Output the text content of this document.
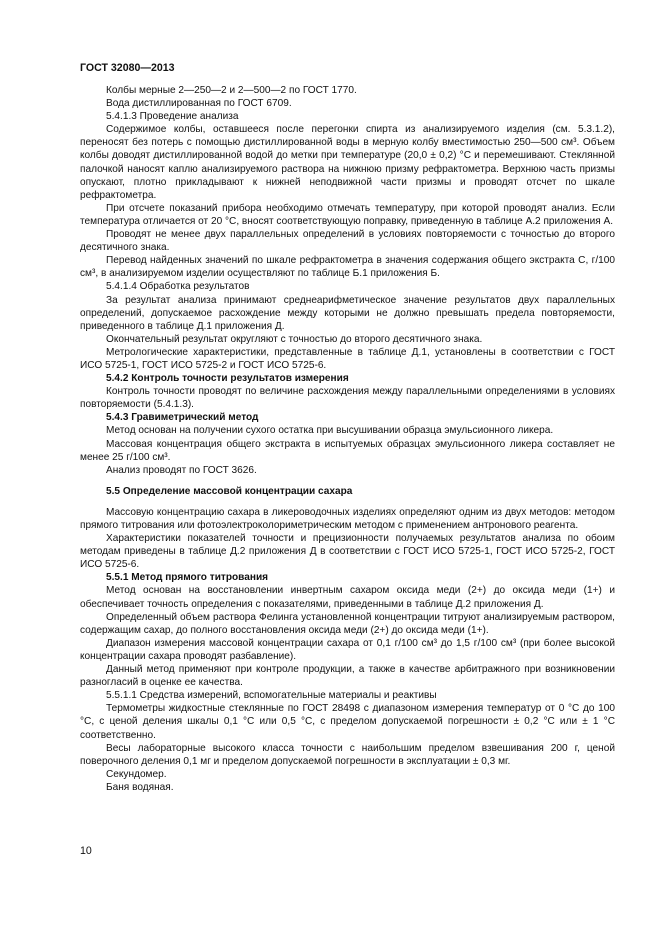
ГОСТ 32080—2013

Колбы мерные 2—250—2 и 2—500—2 по ГОСТ 1770.

Вода дистиллированная по ГОСТ 6709.

5.4.1.3 Проведение анализа

Содержимое колбы, оставшееся после перегонки спирта из анализируемого изделия (см. 5.3.1.2), переносят без потерь с помощью дистиллированной воды в мерную колбу вместимостью 250—500 см³. Объем колбы доводят дистиллированной водой до метки при температуре (20,0 ± 0,2) °С и перемешивают. Стеклянной палочкой наносят каплю анализируемого раствора на нижнюю призму рефрактометра. Верхнюю часть призмы опускают, плотно прикладывают к нижней неподвижной части призмы и проводят отсчет по шкале рефрактометра.

При отсчете показаний прибора необходимо отмечать температуру, при которой проводят анализ. Если температура отличается от 20 °С, вносят соответствующую поправку, приведенную в таблице А.2 приложения А.

Проводят не менее двух параллельных определений в условиях повторяемости с точностью до второго десятичного знака.

Перевод найденных значений по шкале рефрактометра в значения содержания общего экстракта С, г/100 см³, в анализируемом изделии осуществляют по таблице Б.1 приложения Б.

5.4.1.4 Обработка результатов

За результат анализа принимают среднеарифметическое значение результатов двух параллельных определений, допускаемое расхождение между которыми не должно превышать предела повторяемости, приведенного в таблице Д.1 приложения Д.

Окончательный результат округляют с точностью до второго десятичного знака.

Метрологические характеристики, представленные в таблице Д.1, установлены в соответствии с ГОСТ ИСО 5725-1, ГОСТ ИСО 5725-2 и ГОСТ ИСО 5725-6.

5.4.2 Контроль точности результатов измерения

Контроль точности проводят по величине расхождения между параллельными определениями в условиях повторяемости (5.4.1.3).

5.4.3 Гравиметрический метод

Метод основан на получении сухого остатка при высушивании образца эмульсионного ликера.

Массовая концентрация общего экстракта в испытуемых образцах эмульсионного ликера составляет не менее 25 г/100 см³.

Анализ проводят по ГОСТ 3626.

5.5 Определение массовой концентрации сахара

Массовую концентрацию сахара в ликероводочных изделиях определяют одним из двух методов: методом прямого титрования или фотоэлектроколориметрическим методом с применением антронового реагента.

Характеристики показателей точности и прецизионности получаемых результатов анализа по обоим методам приведены в таблице Д.2 приложения Д в соответствии с ГОСТ ИСО 5725-1, ГОСТ ИСО 5725-2, ГОСТ ИСО 5725-6.

5.5.1 Метод прямого титрования

Метод основан на восстановлении инвертным сахаром оксида меди (2+) до оксида меди (1+) и обеспечивает точность определения с показателями, приведенными в таблице Д.2 приложения Д.

Определенный объем раствора Фелинга установленной концентрации титруют анализируемым раствором, содержащим сахар, до полного восстановления оксида меди (2+) до оксида меди (1+).

Диапазон измерения массовой концентрации сахара от 0,1 г/100 см³ до 1,5 г/100 см³ (при более высокой концентрации сахара проводят разбавление).

Данный метод применяют при контроле продукции, а также в качестве арбитражного при возникновении разногласий в оценке ее качества.

5.5.1.1 Средства измерений, вспомогательные материалы и реактивы

Термометры жидкостные стеклянные по ГОСТ 28498 с диапазоном измерения температур от 0 °С до 100 °С, с ценой деления шкалы 0,1 °С или 0,5 °С, с пределом допускаемой погрешности ± 0,2 °С или ± 1 °С соответственно.

Весы лабораторные высокого класса точности с наибольшим пределом взвешивания 200 г, ценой поверочного деления 0,1 мг и пределом допускаемой погрешности в эксплуатации ± 0,3 мг.

Секундомер.

Баня водяная.

10
